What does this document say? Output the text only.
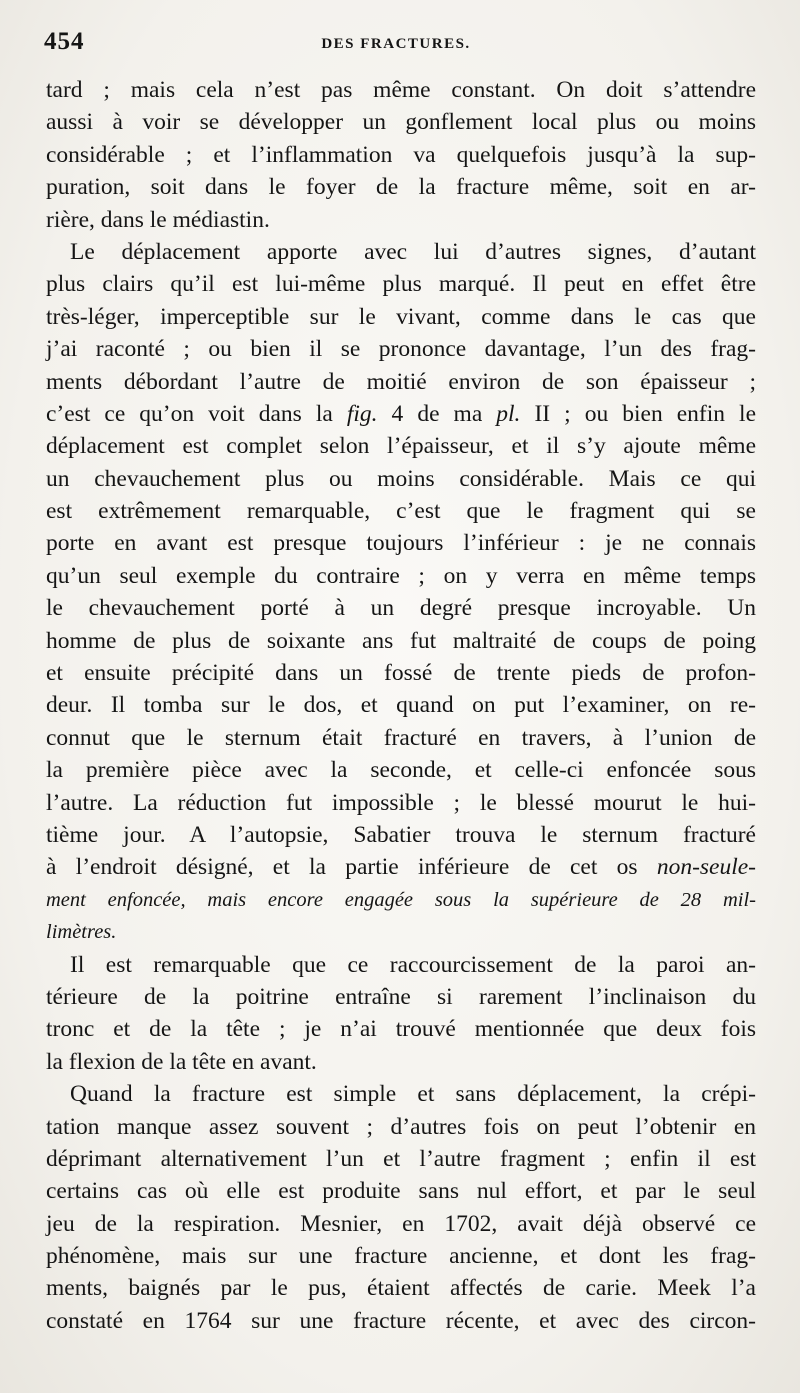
454	DES FRACTURES.
tard ; mais cela n’est pas même constant. On doit s’attendre
aussi à voir se développer un gonflement local plus ou moins
considérable ; et l’inflammation va quelquefois jusqu’à la sup-
puration, soit dans le foyer de la fracture même, soit en ar-
rière, dans le médiastin.
Le déplacement apporte avec lui d’autres signes, d’autant
plus clairs qu’il est lui-même plus marqué. Il peut en effet être
très-léger, imperceptible sur le vivant, comme dans le cas que
j’ai raconté ; ou bien il se prononce davantage, l’un des frag-
ments débordant l’autre de moitié environ de son épaisseur ;
c’est ce qu’on voit dans la fig. 4 de ma pl. II ; ou bien enfin le
déplacement est complet selon l’épaisseur, et il s’y ajoute même
un chevauchement plus ou moins considérable. Mais ce qui
est extrêmement remarquable, c’est que le fragment qui se
porte en avant est presque toujours l’inférieur : je ne connais
qu’un seul exemple du contraire ; on y verra en même temps
le chevauchement porté à un degré presque incroyable. Un
homme de plus de soixante ans fut maltraité de coups de poing
et ensuite précipité dans un fossé de trente pieds de profon-
deur. Il tomba sur le dos, et quand on put l’examiner, on re-
connut que le sternum était fracturé en travers, à l’union de
la première pièce avec la seconde, et celle-ci enfoncée sous
l’autre. La réduction fut impossible ; le blessé mourut le hui-
tième jour. A l’autopsie, Sabatier trouva le sternum fracturé
à l’endroit désigné, et la partie inférieure de cet os non-seule-
ment enfoncée, mais encore engagée sous la supérieure de 28 mil-
limètres.
Il est remarquable que ce raccourcissement de la paroi an-
térieure de la poitrine entraîne si rarement l’inclinaison du
tronc et de la tête ; je n’ai trouvé mentionnée que deux fois
la flexion de la tête en avant.
Quand la fracture est simple et sans déplacement, la crépi-
tation manque assez souvent ; d’autres fois on peut l’obtenir en
déprimant alternativement l’un et l’autre fragment ; enfin il est
certains cas où elle est produite sans nul effort, et par le seul
jeu de la respiration. Mesnier, en 1702, avait déjà observé ce
phénomène, mais sur une fracture ancienne, et dont les frag-
ments, baignés par le pus, étaient affectés de carie. Meek l’a
constaté en 1764 sur une fracture récente, et avec des circon-
